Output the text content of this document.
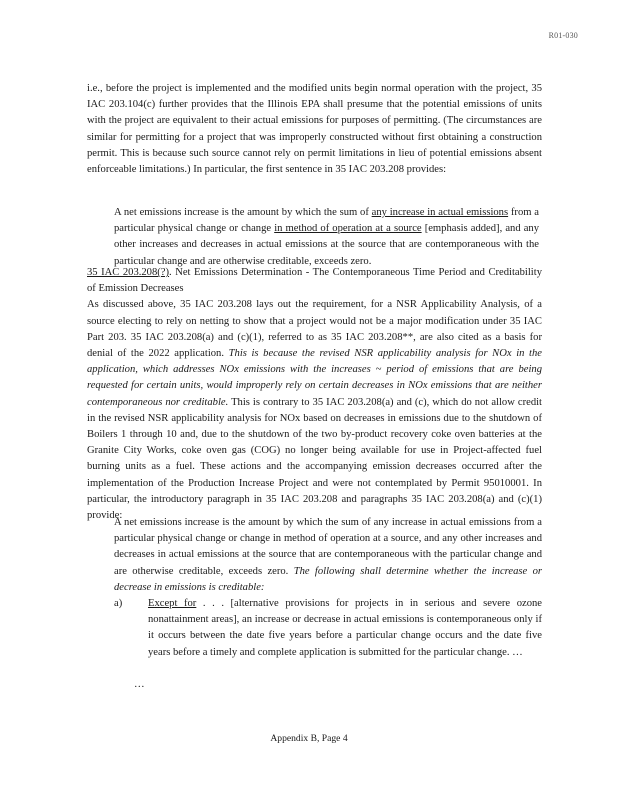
R01-030

i.e., before the project is implemented and the modified units begin normal operation with the project, 35 IAC 203.104(c) further provides that the Illinois EPA shall presume that the potential emissions of units with the project are equivalent to their actual emissions for purposes of permitting. (The circumstances are similar for permitting for a project that was improperly constructed without first obtaining a construction permit. This is because such source cannot rely on permit limitations in lieu of potential emissions absent enforceable limitations.) In particular, the first sentence in 35 IAC 203.208 provides:

A net emissions increase is the amount by which the sum of any increase in actual emissions from a particular physical change or change in method of operation at a source [emphasis added], and any other increases and decreases in actual emissions at the source that are contemporaneous with the particular change and are otherwise creditable, exceeds zero.

35 IAC 203.208(?). Net Emissions Determination - The Contemporaneous Time Period and Creditability of Emission Decreases

As discussed above, 35 IAC 203.208 lays out the requirement, for a NSR Applicability Analysis, of a source electing to rely on netting to show that a project would not be a major modification under 35 IAC Part 203. 35 IAC 203.208(a) and (c)(1), referred to as 35 IAC 203.208**, are also cited as a basis for denial of the 2022 application. This is because the revised NSR applicability analysis for NOx in the application, which addresses NOx emissions with the increases ~ period of emissions that are being requested for certain units, would improperly rely on certain decreases in NOx emissions that are neither contemporaneous nor creditable. This is contrary to 35 IAC 203.208(a) and (c), which do not allow credit in the revised NSR applicability analysis for NOx based on decreases in emissions due to the shutdown of Boilers 1 through 10 and, due to the shutdown of the two by-product recovery coke oven batteries at the Granite City Works, coke oven gas (COG) no longer being available for use in Project-affected fuel burning units as a fuel. These actions and the accompanying emission decreases occurred after the implementation of the Production Increase Project and were not contemplated by Permit 95010001. In particular, the introductory paragraph in 35 IAC 203.208 and paragraphs 35 IAC 203.208(a) and (c)(1) provide:

A net emissions increase is the amount by which the sum of any increase in actual emissions from a particular physical change or change in method of operation at a source, and any other increases and decreases in actual emissions at the source that are contemporaneous with the particular change and are otherwise creditable, exceeds zero. The following shall determine whether the increase or decrease in emissions is creditable:

a) Except for . . . [alternative provisions for projects in in serious and severe ozone nonattainment areas], an increase or decrease in actual emissions is contemporaneous only if it occurs between the date five years before a particular change occurs and the date five years before a timely and complete application is submitted for the particular change. …

…
Appendix B, Page 4
